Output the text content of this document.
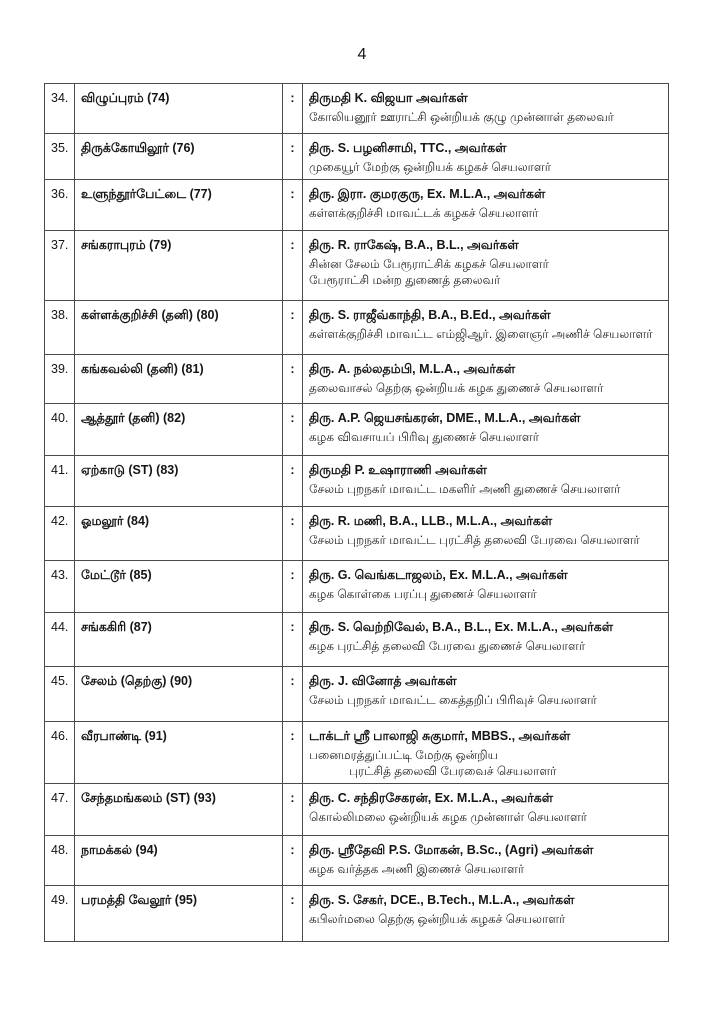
4
34.	விழுப்புரம் (74)	:	திருமதி K. விஜயா அவர்கள்
கோலியனூர் ஊராட்சி ஒன்றியக் குழு முன்னாள் தலைவர்

35.	திருக்கோயிலூர் (76)	:	திரு. S. பழனிசாமி, TTC., அவர்கள்
முகையூர் மேற்கு ஒன்றியக் கழகச் செயலாளர்

36.	உளுந்தூர்பேட்டை (77)	:	திரு. இரா. குமரகுரு, Ex. M.L.A., அவர்கள்
கள்ளக்குறிச்சி மாவட்டக் கழகச் செயலாளர்

37.	சங்கராபுரம் (79)	:	திரு. R. ராகேஷ், B.A., B.L., அவர்கள்
சின்ன சேலம் பேரூராட்சிக் கழகச் செயலாளர்
பேரூராட்சி மன்ற துணைத் தலைவர்

38.	கள்ளக்குறிச்சி (தனி) (80)	:	திரு. S. ராஜீவ்காந்தி, B.A., B.Ed., அவர்கள்
கள்ளக்குறிச்சி மாவட்ட எம்ஜிஆர். இளைஞர் அணிச் செயலாளர்

39.	கங்கவல்லி (தனி) (81)	:	திரு. A. நல்லதம்பி, M.L.A., அவர்கள்
தலைவாசல் தெற்கு ஒன்றியக் கழக துணைச் செயலாளர்

40.	ஆத்தூர் (தனி) (82)	:	திரு. A.P. ஜெயசங்கரன், DME., M.L.A., அவர்கள்
கழக விவசாயப் பிரிவு துணைச் செயலாளர்

41.	ஏற்காடு (ST) (83)	:	திருமதி P. உஷாராணி அவர்கள்
சேலம் புறநகர் மாவட்ட மகளிர் அணி துணைச் செயலாளர்

42.	ஓமலூர் (84)	:	திரு. R. மணி, B.A., LLB., M.L.A., அவர்கள்
சேலம் புறநகர் மாவட்ட புரட்சித் தலைவி பேரவை செயலாளர்

43.	மேட்டூர் (85)	:	திரு. G. வெங்கடாஜலம், Ex. M.L.A., அவர்கள்
கழக கொள்கை பரப்பு துணைச் செயலாளர்

44.	சங்ககிரி (87)	:	திரு. S. வெற்றிவேல், B.A., B.L., Ex. M.L.A., அவர்கள்
கழக புரட்சித் தலைவி பேரவை துணைச் செயலாளர்

45.	சேலம் (தெற்கு) (90)	:	திரு. J. வினோத் அவர்கள்
சேலம் புறநகர் மாவட்ட கைத்தறிப் பிரிவுச் செயலாளர்

46.	வீரபாண்டி (91)	:	டாக்டர் ஸ்ரீ பாலாஜி சுகுமார், MBBS., அவர்கள்
பனைமரத்துப்பட்டி மேற்கு ஒன்றிய
புரட்சித் தலைவி பேரவைச் செயலாளர்

47.	சேந்தமங்கலம் (ST) (93)	:	திரு. C. சந்திரசேகரன், Ex. M.L.A., அவர்கள்
கொல்லிமலை ஒன்றியக் கழக முன்னாள் செயலாளர்

48.	நாமக்கல் (94)	:	திரு. ஸ்ரீதேவி P.S. மோகன், B.Sc., (Agri) அவர்கள்
கழக வர்த்தக அணி இணைச் செயலாளர்

49.	பரமத்தி வேலூர் (95)	:	திரு. S. சேகர், DCE., B.Tech., M.L.A., அவர்கள்
கபிலர்மலை தெற்கு ஒன்றியக் கழகச் செயலாளர்
